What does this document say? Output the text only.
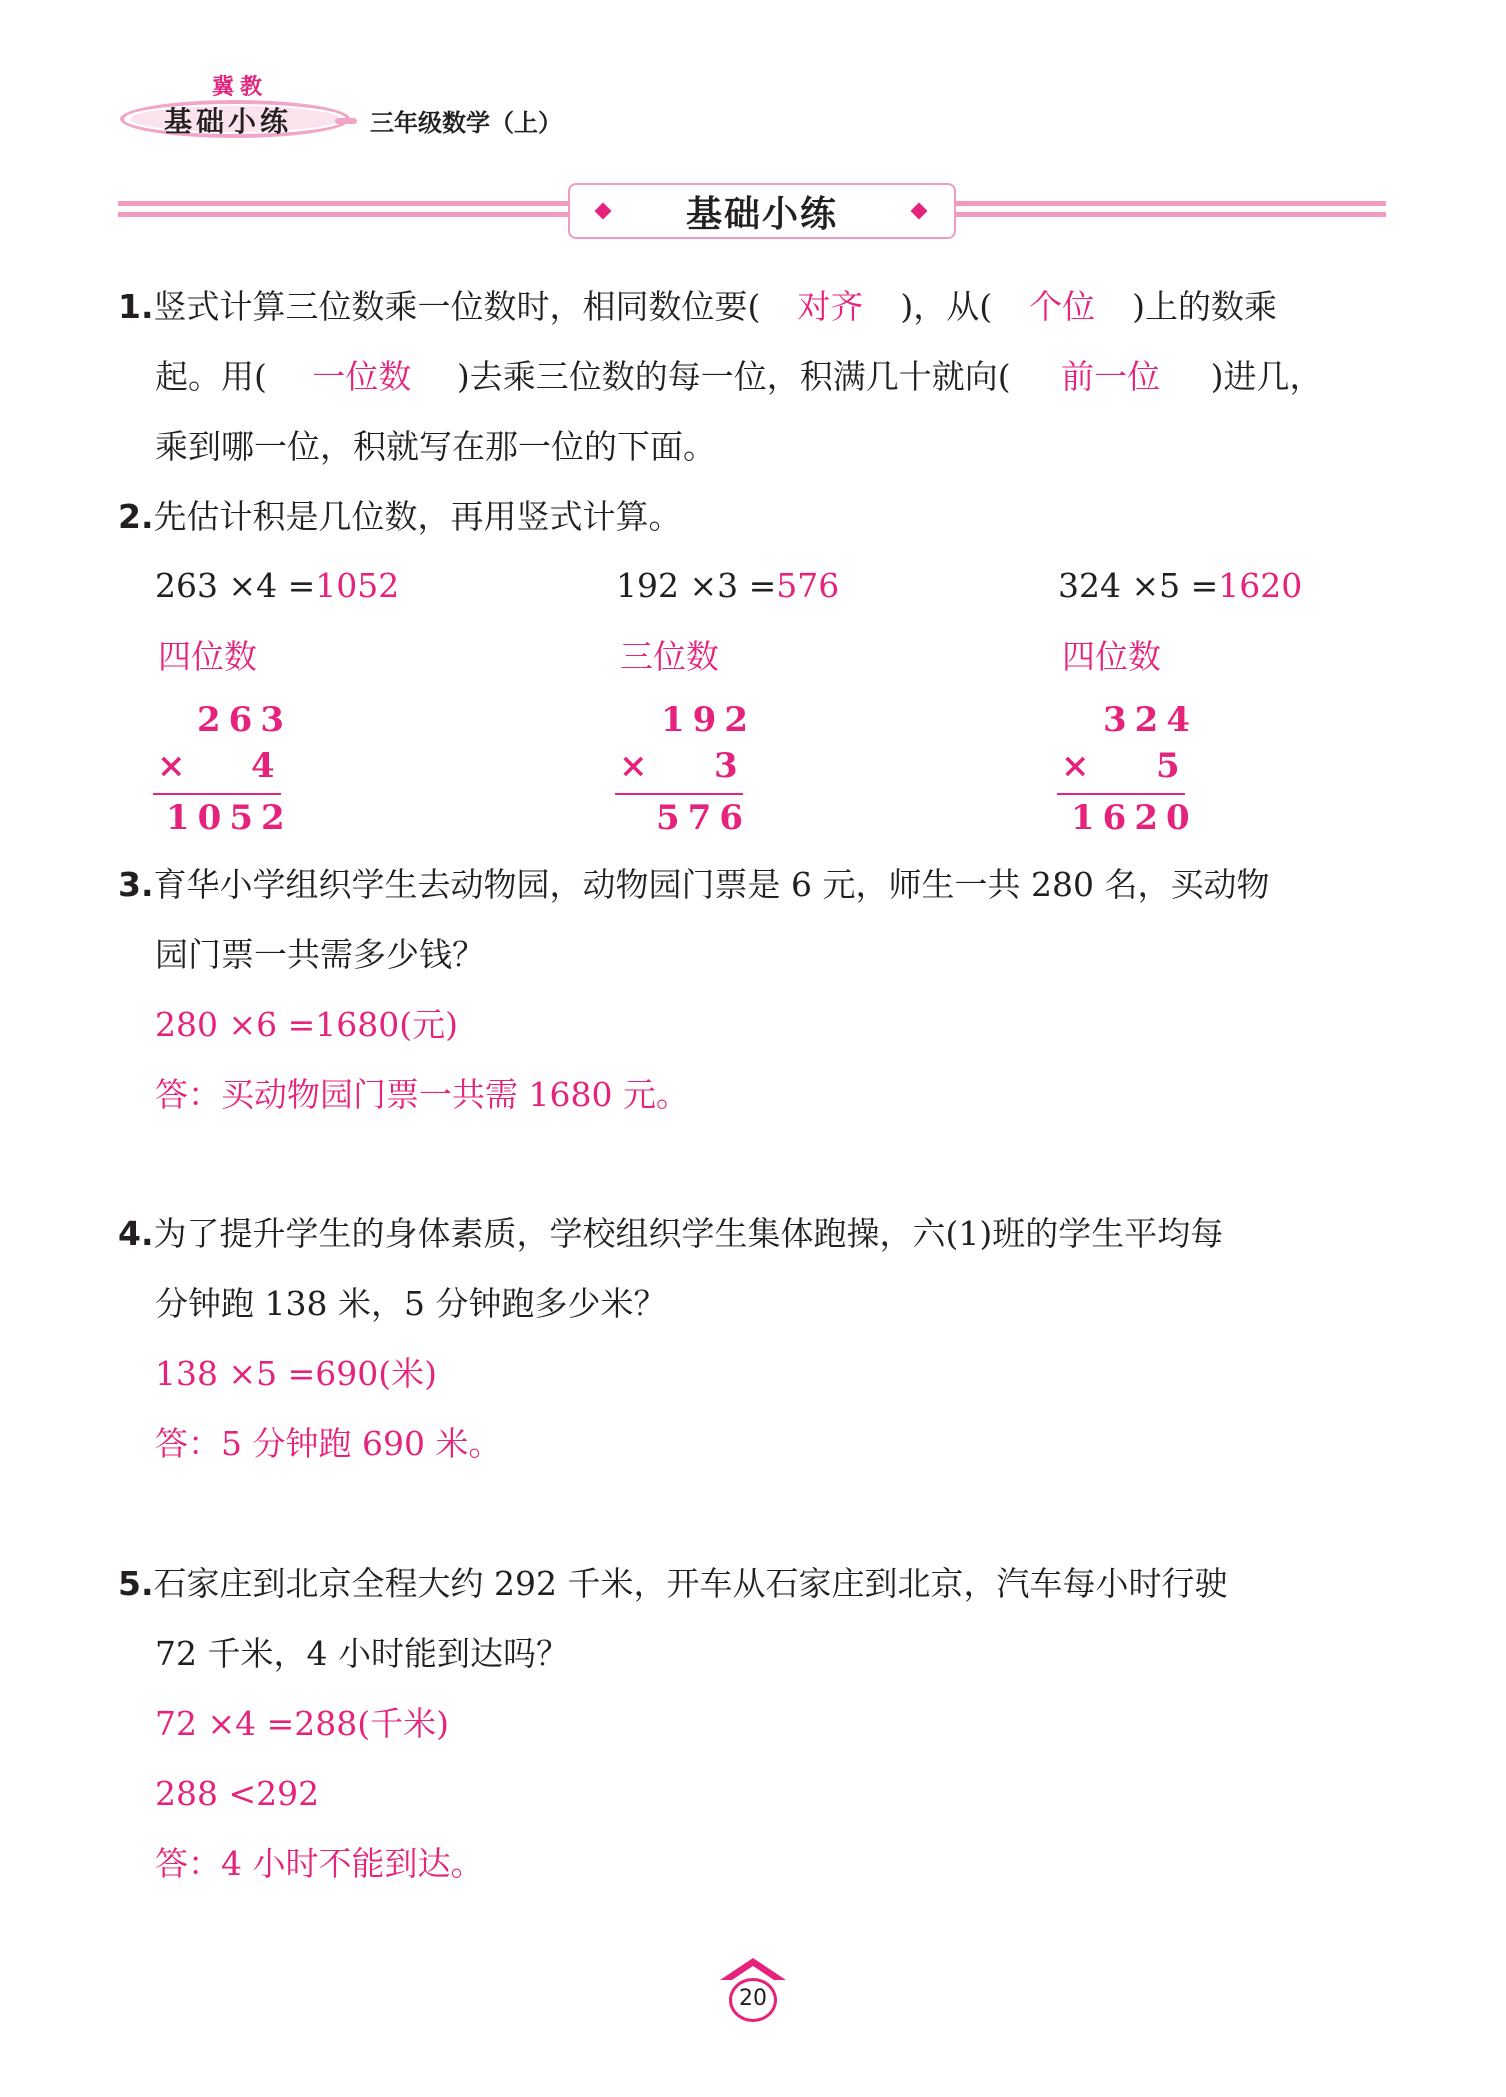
冀教
基础小练	三年级数学（上）
基础小练
1.竖式计算三位数乘一位数时，相同数位要( 对齐 )，从( 个位 )上的数乘
起。用( 一位数 )去乘三位数的每一位，积满几十就向( 前一位 )进几，
乘到哪一位，积就写在那一位的下面。
2.先估计积是几位数，再用竖式计算。
263 ×4 =1052
四位数
263
× 4
1052
192 ×3 =576
三位数
192
× 3
576
324 ×5 =1620
四位数
324
× 5
1620
3.育华小学组织学生去动物园，动物园门票是 6 元，师生一共 280 名，买动物
园门票一共需多少钱？
280 ×6 =1680(元)
答：买动物园门票一共需 1680 元。
4.为了提升学生的身体素质，学校组织学生集体跑操，六(1)班的学生平均每
分钟跑 138 米，5 分钟跑多少米？
138 ×5 =690(米)
答：5 分钟跑 690 米。
5.石家庄到北京全程大约 292 千米，开车从石家庄到北京，汽车每小时行驶
72 千米，4 小时能到达吗？
72 ×4 =288(千米)
288 <292
答：4 小时不能到达。
20
